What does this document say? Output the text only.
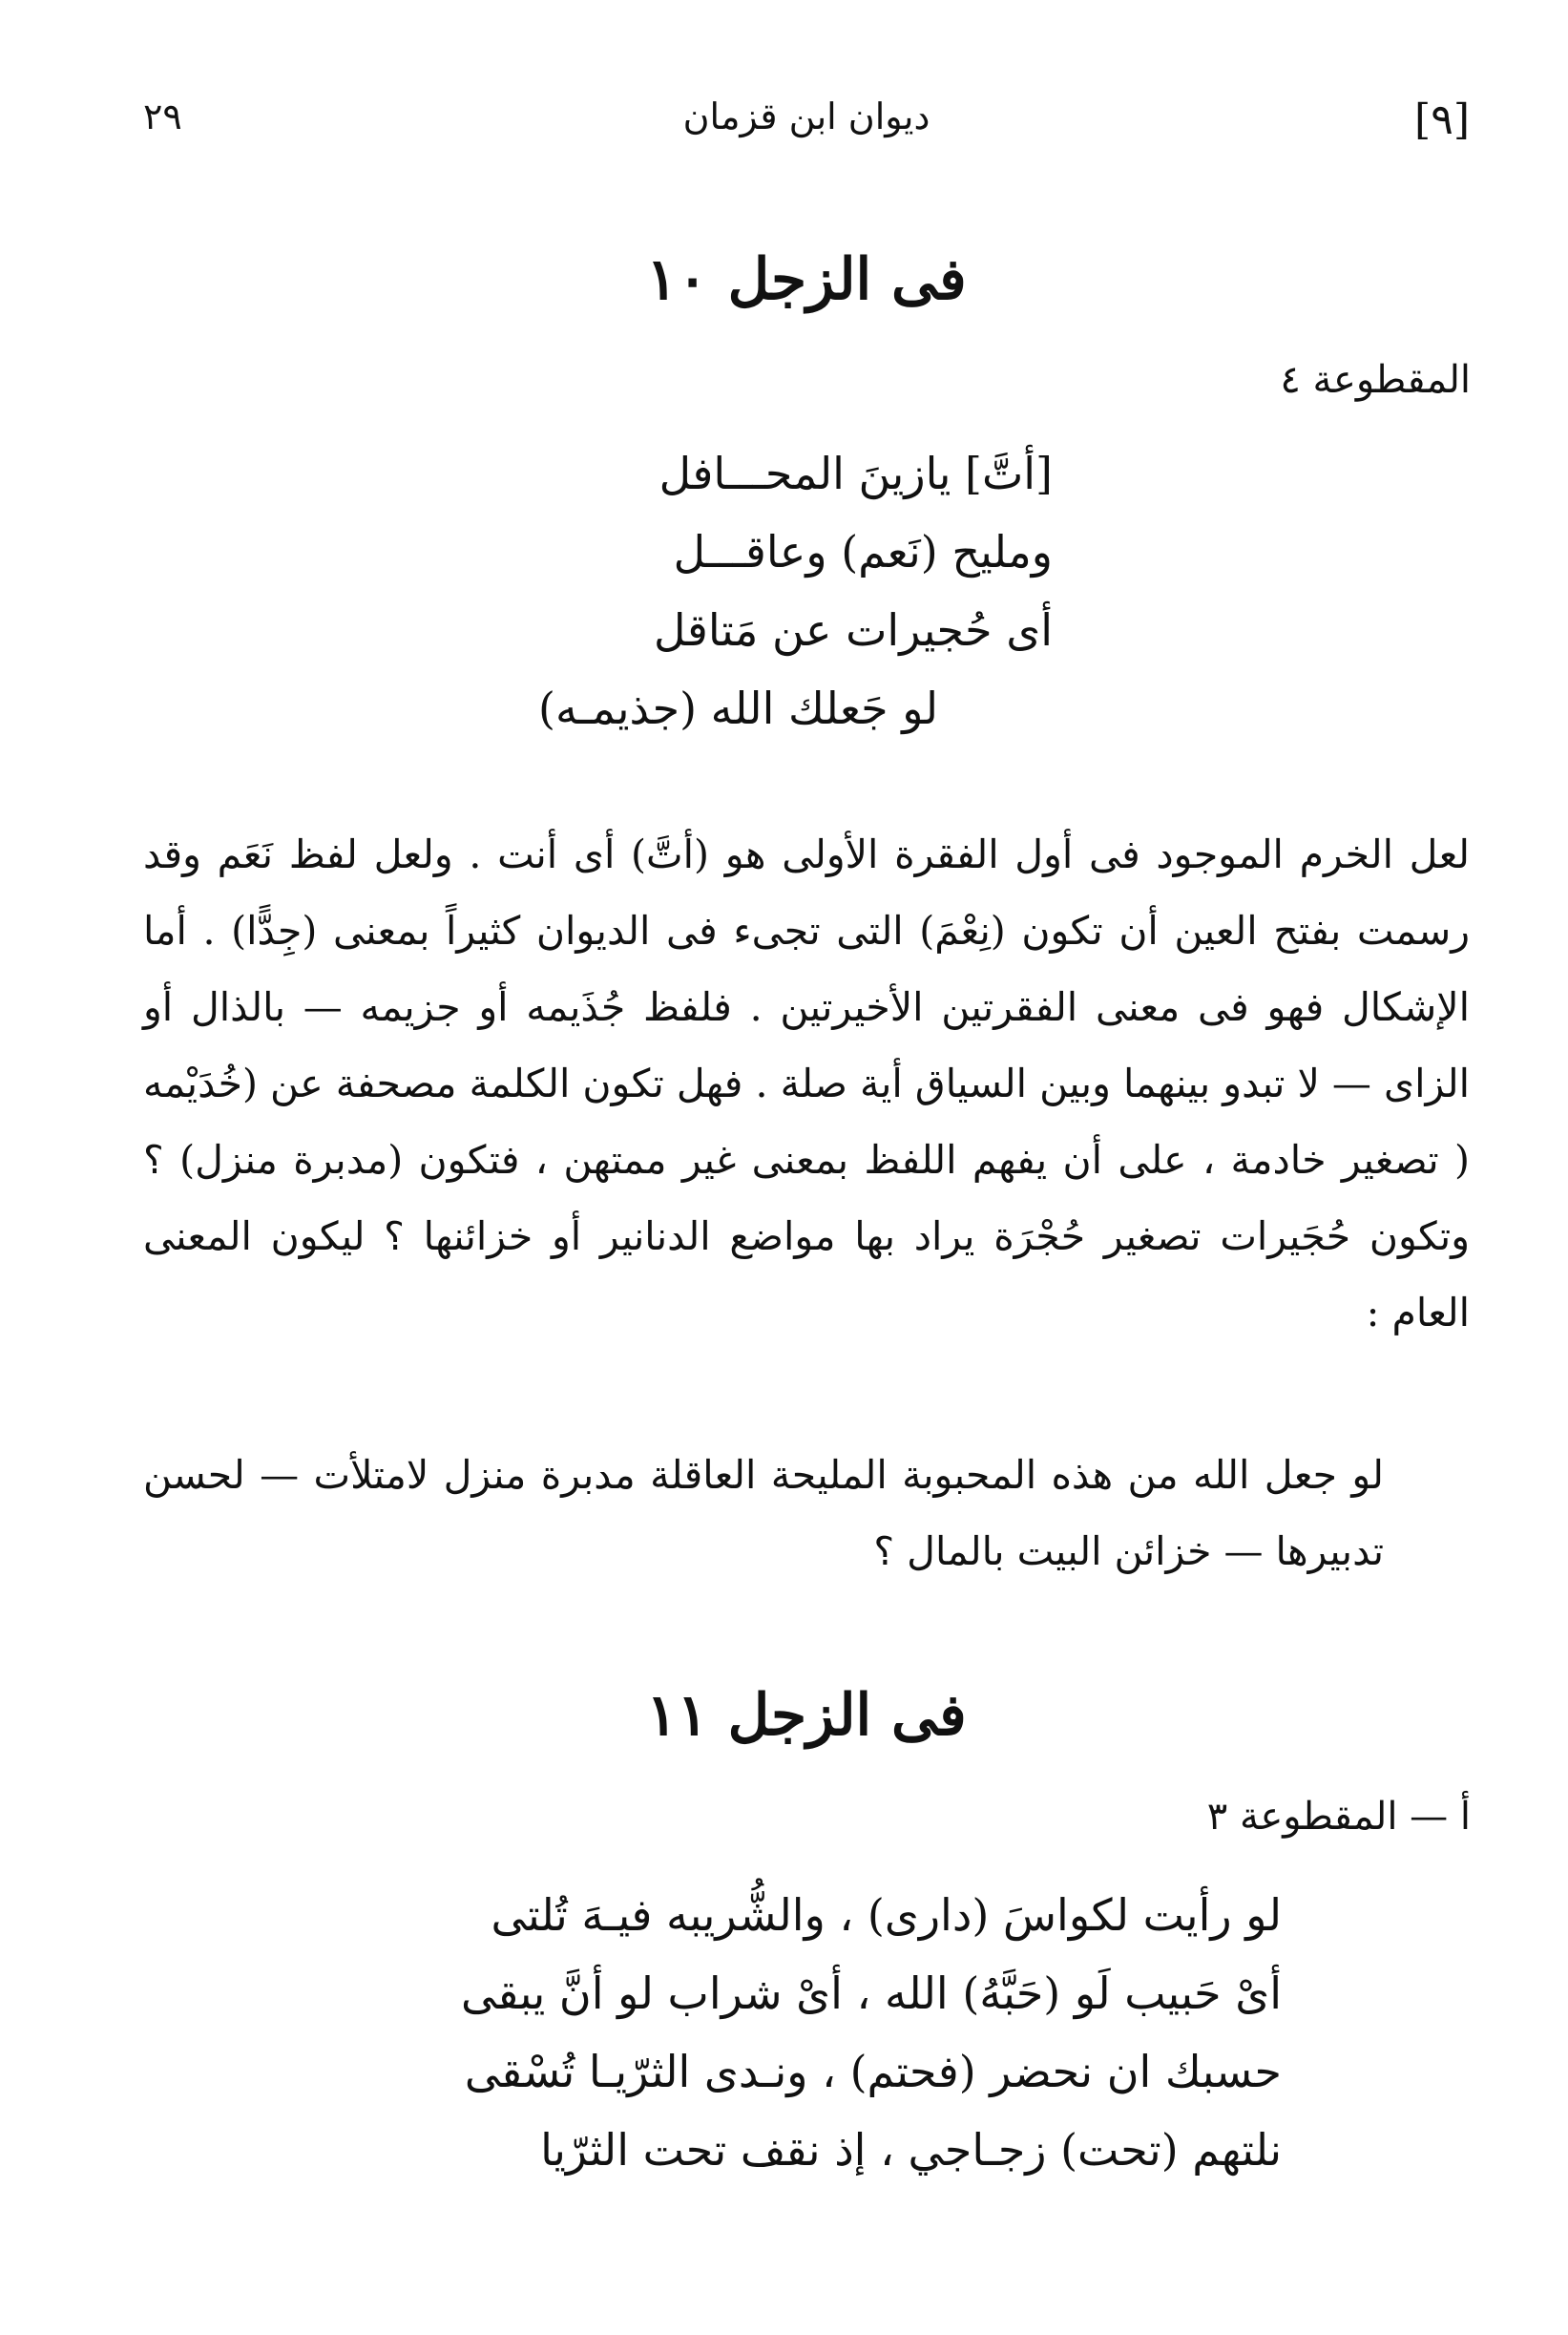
٢٩	ديوان ابن قزمان	[٩]
فى الزجل ١٠
المقطوعة ٤
[أتَّ] يازينَ المحـــافل
ومليح (نَعم) وعاقـــل
أى حُجيرات عن مَتاقل
لو جَعلك الله (جذيمـه)

لعل الخرم الموجود فى أول الفقرة الأولى هو (أتَّ) أى أنت . ولعل لفظ نَعَم وقد رسمت بفتح العين أن تكون (نِعْمَ) التى تجىء فى الديوان كثيراً بمعنى (جِدًّا) . أما الإشكال فهو فى معنى الفقرتين الأخيرتين . فلفظ جُذَيمه أو جزيمه — بالذال أو الزاى — لا تبدو بينهما وبين السياق أية صلة . فهل تكون الكلمة مصحفة عن (خُدَيْمه ( تصغير خادمة ، على أن يفهم اللفظ بمعنى غير ممتهن ، فتكون (مدبرة منزل) ؟ وتكون حُجَيرات تصغير حُجْرَة يراد بها مواضع الدنانير أو خزائنها ؟ ليكون المعنى العام :

لو جعل الله من هذه المحبوبة المليحة العاقلة مدبرة منزل لامتلأت — لحسن تدبيرها — خزائن البيت بالمال ؟

فى الزجل ١١
أ — المقطوعة ٣
لو رأيت لكواسَ (دارى) ، والشُّريبه فيـهَ تُلتى
أىْ حَبيب لَو (حَبَّهُ) الله ، أىْ شراب لو أنَّ يبقى
حسبك ان نحضر (فحتم) ، ونـدى الثرّيـا تُسْقى
نلتهم (تحت) زجـاجي ، إذ نقف تحت الثرّيا
